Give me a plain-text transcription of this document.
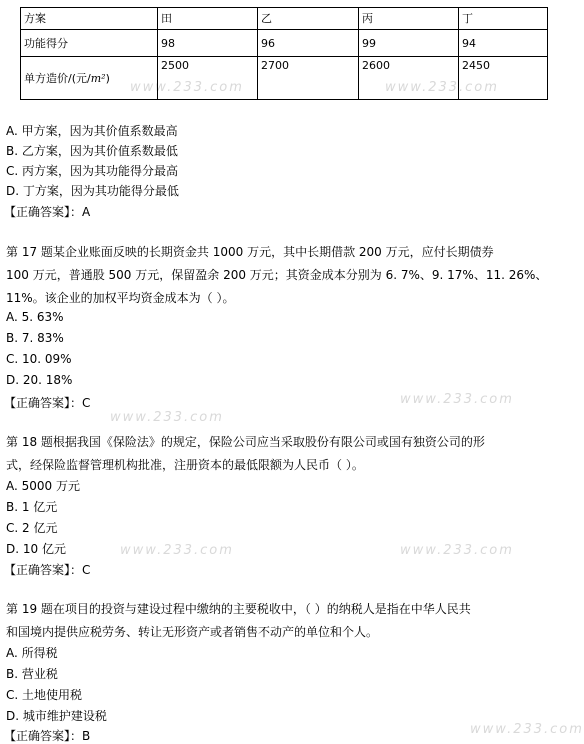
www.233.com	www.233.com
www.233.com
www.233.com
www.233.com	www.233.com
www.233.com
方案	田	乙	丙	丁
功能得分	98	96	99	94
单方造价/(元/m²)	2500	2700	2600	2450
A. 甲方案，因为其价值系数最高
B. 乙方案，因为其价值系数最低
C. 丙方案，因为其功能得分最高
D. 丁方案，因为其功能得分最低
【正确答案】：A
第 17 题某企业账面反映的长期资金共 1000 万元，其中长期借款 200 万元，应付长期债券
100 万元，普通股 500 万元，保留盈余 200 万元；其资金成本分别为 6. 7%、9. 17%、11. 26%、
11%。该企业的加权平均资金成本为（ ）。
A. 5. 63%
B. 7. 83%
C. 10. 09%
D. 20. 18%
【正确答案】：C
第 18 题根据我国《保险法》的规定，保险公司应当采取股份有限公司或国有独资公司的形
式，经保险监督管理机构批准，注册资本的最低限额为人民币（ ）。
A. 5000 万元
B. 1 亿元
C. 2 亿元
D. 10 亿元
【正确答案】：C
第 19 题在项目的投资与建设过程中缴纳的主要税收中，（ ）的纳税人是指在中华人民共
和国境内提供应税劳务、转让无形资产或者销售不动产的单位和个人。
A. 所得税
B. 营业税
C. 土地使用税
D. 城市维护建设税
【正确答案】：B
